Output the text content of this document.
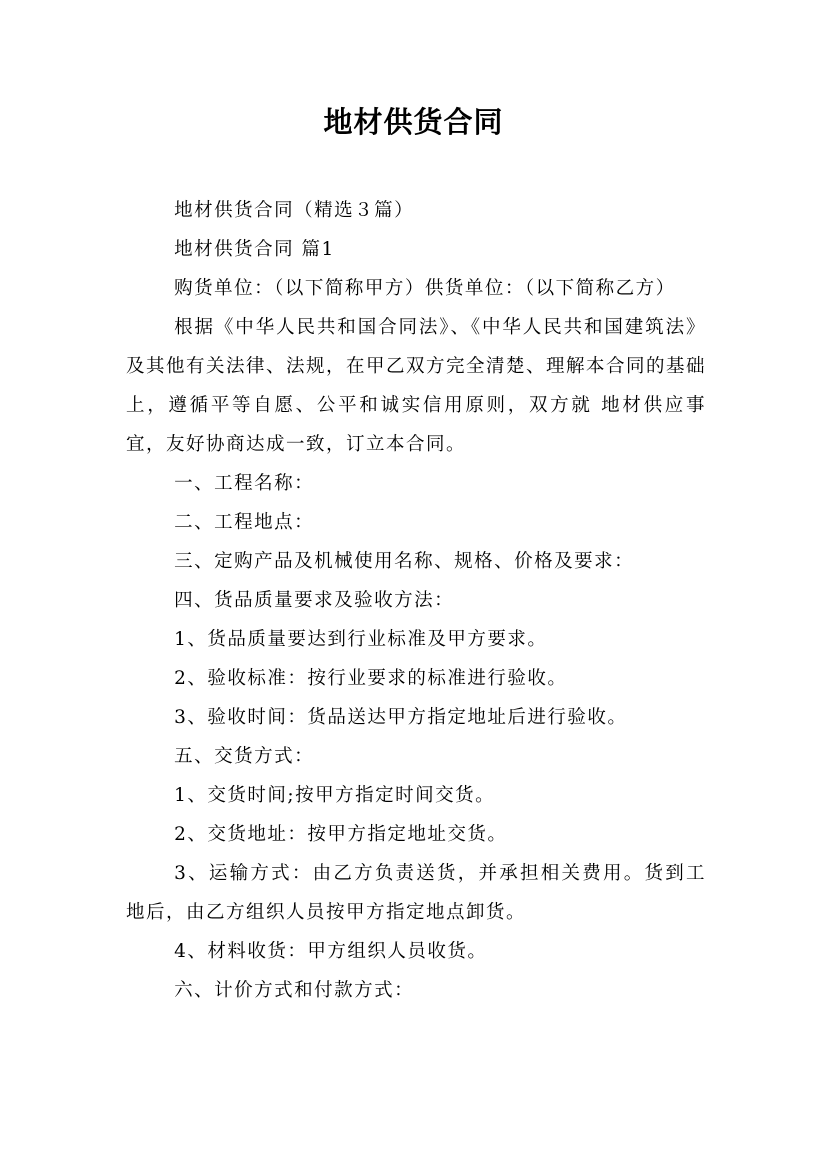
地材供货合同

地材供货合同（精选３篇）

地材供货合同 篇1

购货单位：（以下简称甲方）供货单位：（以下简称乙方）

根据《中华人民共和国合同法》、《中华人民共和国建筑法》及其他有关法律、法规，在甲乙双方完全清楚、理解本合同的基础上，遵循平等自愿、公平和诚实信用原则，双方就 地材供应事宜，友好协商达成一致，订立本合同。

一、工程名称：

二、工程地点：

三、定购产品及机械使用名称、规格、价格及要求：

四、货品质量要求及验收方法：

1、货品质量要达到行业标准及甲方要求。

2、验收标准：按行业要求的标准进行验收。

3、验收时间：货品送达甲方指定地址后进行验收。

五、交货方式：

1、交货时间;按甲方指定时间交货。

2、交货地址：按甲方指定地址交货。

3、运输方式：由乙方负责送货，并承担相关费用。货到工地后，由乙方组织人员按甲方指定地点卸货。

4、材料收货：甲方组织人员收货。

六、计价方式和付款方式：
